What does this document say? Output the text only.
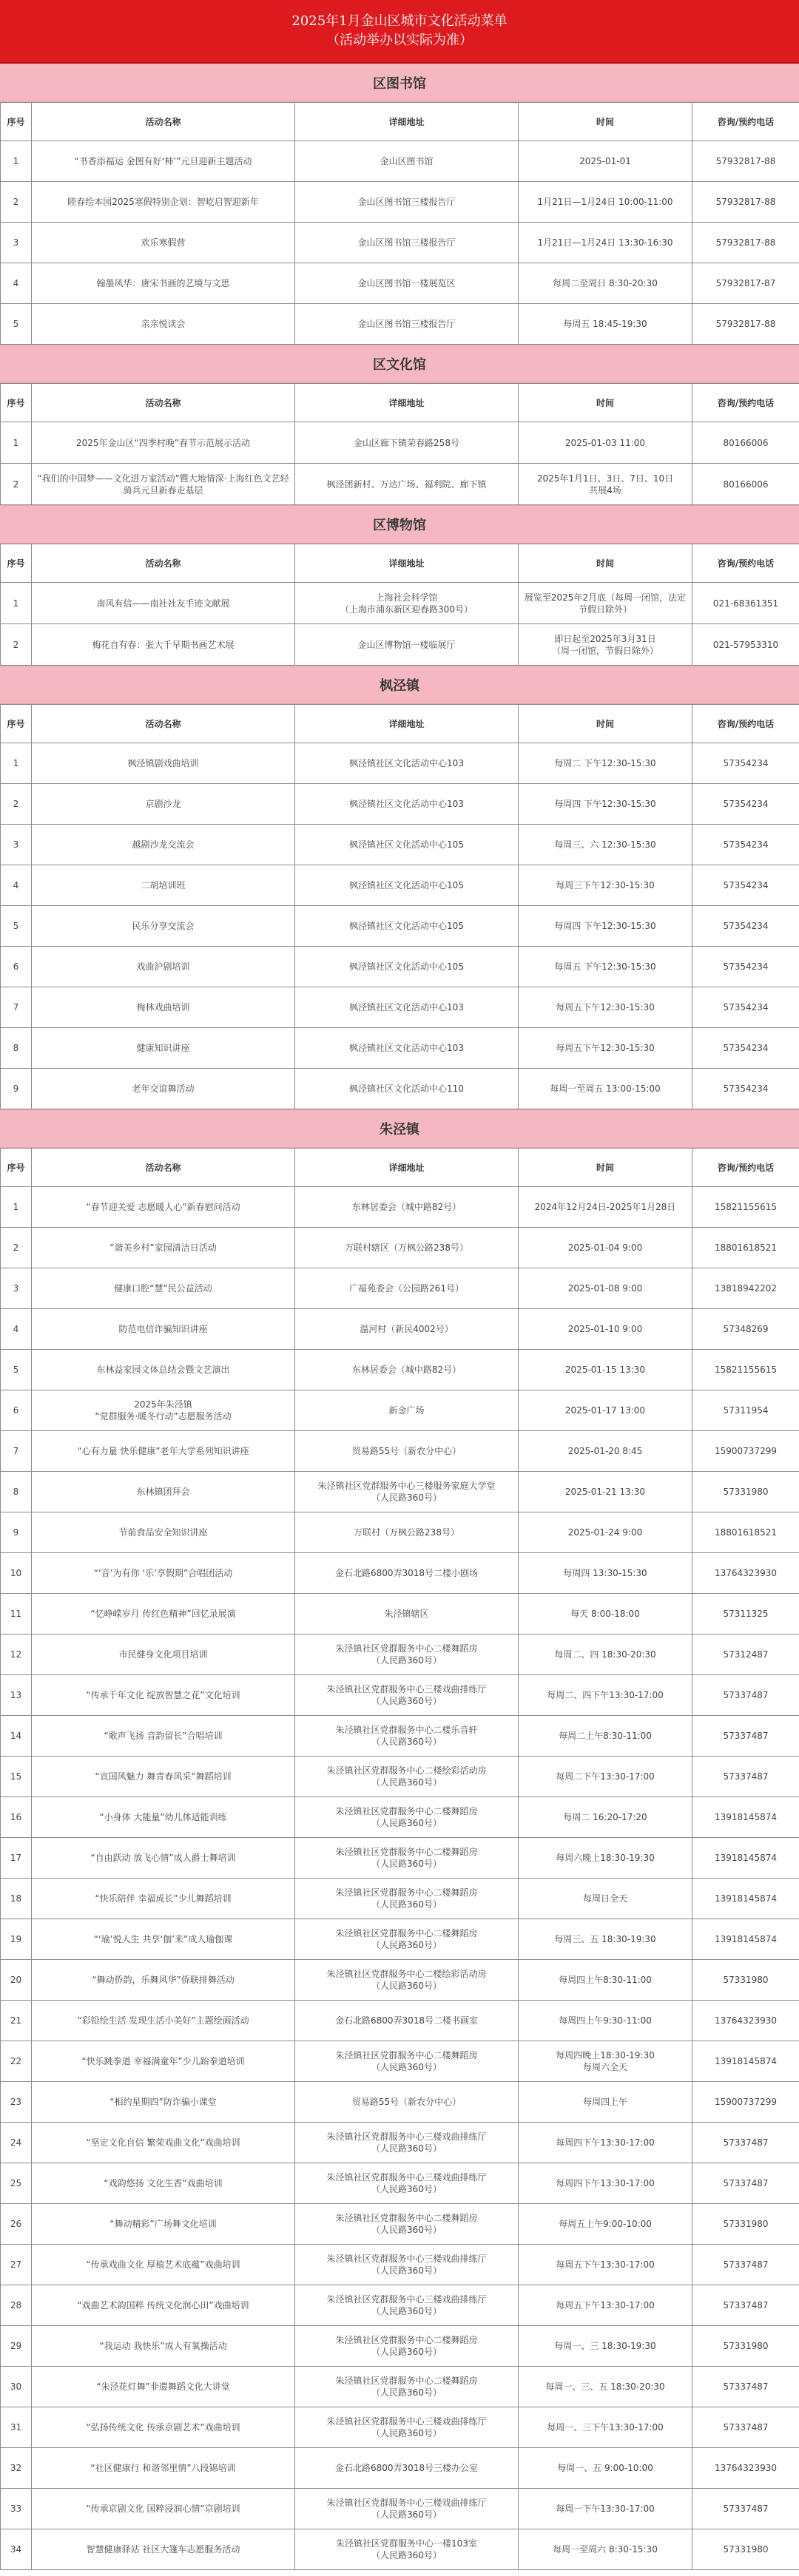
2025年1月金山区城市文化活动菜单
（活动举办以实际为准）
区图书馆
序号	活动名称	详细地址	时间	咨询/预约电话
1	“书香添福运 金图有好‘柿’”元旦迎新主题活动	金山区图书馆	2025-01-01	57932817-88
2	睦春绘本园2025寒假特别企划：智屹启智迎新年	金山区图书馆三楼报告厅	1月21日—1月24日 10:00-11:00	57932817-88
3	欢乐寒假营	金山区图书馆三楼报告厅	1月21日—1月24日 13:30-16:30	57932817-88
4	翰墨风华：唐宋书画的艺境与文思	金山区图书馆一楼展览区	每周二至周日 8:30-20:30	57932817-87
5	亲亲悦读会	金山区图书馆三楼报告厅	每周五 18:45-19:30	57932817-88
区文化馆
序号	活动名称	详细地址	时间	咨询/预约电话
1	2025年金山区“四季村晚”春节示范展示活动	金山区廊下镇荣春路258号	2025-01-03 11:00	80166006
2	“我们的中国梦——文化进万家活动”暨大地情深·上海红色文艺轻骑兵元旦新春走基层	枫泾团新村、万达广场、福利院、廊下镇	2025年1月1日、3日、7日、10日
共展4场	80166006
区博物馆
序号	活动名称	详细地址	时间	咨询/预约电话
1	南风有信——南社社友手迹文献展	上海社会科学馆
（上海市浦东新区迎春路300号）	展览至2025年2月底（每周一闭馆，法定节假日除外）	021-68361351
2	梅花自有春：张大千早期书画艺术展	金山区博物馆一楼临展厅	即日起至2025年3月31日
（周一闭馆，节假日除外）	021-57953310
枫泾镇
序号	活动名称	详细地址	时间	咨询/预约电话
1	枫泾镇剧戏曲培训	枫泾镇社区文化活动中心103	每周二 下午12:30-15:30	57354234
2	京剧沙龙	枫泾镇社区文化活动中心103	每周四 下午12:30-15:30	57354234
3	越剧沙龙交流会	枫泾镇社区文化活动中心105	每周三、六 12:30-15:30	57354234
4	二胡培训班	枫泾镇社区文化活动中心105	每周三下午12:30-15:30	57354234
5	民乐分享交流会	枫泾镇社区文化活动中心105	每周四 下午12:30-15:30	57354234
6	戏曲沪剧培训	枫泾镇社区文化活动中心105	每周五 下午12:30-15:30	57354234
7	梅林戏曲培训	枫泾镇社区文化活动中心103	每周五下午12:30-15:30	57354234
8	健康知识讲座	枫泾镇社区文化活动中心103	每周五下午12:30-15:30	57354234
9	老年交谊舞活动	枫泾镇社区文化活动中心110	每周一至周五 13:00-15:00	57354234
朱泾镇
序号	活动名称	详细地址	时间	咨询/预约电话
1	“春节迎关爱 志愿暖人心”新春慰问活动	东林居委会（城中路82号）	2024年12月24日-2025年1月28日	15821155615
2	“谐美乡村”家园清洁日活动	万联村辖区（万枫公路238号）	2025-01-04 9:00	18801618521
3	健康口腔“慧”民公益活动	广福苑委会（公园路261号）	2025-01-08 9:00	13818942202
4	防范电信诈骗知识讲座	温河村（新民4002号）	2025-01-10 9:00	57348269
5	东林益家园文体总结会暨文艺演出	东林居委会（城中路82号）	2025-01-15 13:30	15821155615
6	2025年朱泾镇
“党群服务·暖冬行动”志愿服务活动	新金广场	2025-01-17 13:00	57311954
7	“心有力量 快乐健康”老年大学系列知识讲座	贸易路55号（新农分中心）	2025-01-20 8:45	15900737299
8	东林镇团拜会	朱泾镇社区党群服务中心三楼服务家庭大学堂
（人民路360号）	2025-01-21 13:30	57331980
9	节前食品安全知识讲座	万联村（万枫公路238号）	2025-01-24 9:00	18801618521
10	“‘音’为有你 ‘乐’享假期”合唱团活动	金石北路6800弄3018号二楼小剧场	每周四 13:30-15:30	13764323930
11	“忆峥嵘岁月 传红色精神”回忆录展演	朱泾镇辖区	每天 8:00-18:00	57311325
12	市民健身文化项目培训	朱泾镇社区党群服务中心二楼舞蹈房
（人民路360号）	每周二、四 18:30-20:30	57312487
13	“传承千年文化 绽放智慧之花”文化培训	朱泾镇社区党群服务中心三楼戏曲排练厅
（人民路360号）	每周二、四下午13:30-17:00	57337487
14	“歌声飞扬 音韵留长”合唱培训	朱泾镇社区党群服务中心二楼乐音轩
（人民路360号）	每周二上午8:30-11:00	57337487
15	“宣国风魅力 舞青春风采”舞蹈培训	朱泾镇社区党群服务中心二楼绘彩活动房
（人民路360号）	每周二下午13:30-17:00	57337487
16	“小身体 大能量”幼儿体适能训练	朱泾镇社区党群服务中心二楼舞蹈房
（人民路360号）	每周二 16:20-17:20	13918145874
17	“自由跃动 放飞心情”成人爵士舞培训	朱泾镇社区党群服务中心二楼舞蹈房
（人民路360号）	每周六晚上18:30-19:30	13918145874
18	“快乐陪伴 幸福成长”少儿舞蹈培训	朱泾镇社区党群服务中心二楼舞蹈房
（人民路360号）	每周日全天	13918145874
19	“‘瑜’悦人生 共享‘伽’来”成人瑜伽课	朱泾镇社区党群服务中心二楼舞蹈房
（人民路360号）	每周三、五 18:30-19:30	13918145874
20	“舞动侨韵，乐舞风华”侨联排舞活动	朱泾镇社区党群服务中心二楼绘彩活动房
（人民路360号）	每周四上午8:30-11:00	57331980
21	“彩铅绘生活 发现生活小美好”主题绘画活动	金石北路6800弄3018号二楼书画室	每周四上午9:30-11:00	13764323930
22	“快乐跳拳道 幸福满童年”少儿跆拳道培训	朱泾镇社区党群服务中心二楼舞蹈房
（人民路360号）	每周四晚上18:30-19:30
每周六全天	13918145874
23	“相约星期四”防诈骗小课堂	贸易路55号（新农分中心）	每周四上午	15900737299
24	“坚定文化自信 繁荣戏曲文化”戏曲培训	朱泾镇社区党群服务中心三楼戏曲排练厅
（人民路360号）	每周四下午13:30-17:00	57337487
25	“戏韵悠扬 文化生香”戏曲培训	朱泾镇社区党群服务中心三楼戏曲排练厅
（人民路360号）	每周四下午13:30-17:00	57337487
26	“舞动精彩”广场舞文化培训	朱泾镇社区党群服务中心二楼舞蹈房
（人民路360号）	每周五上午9:00-10:00	57331980
27	“传承戏曲文化 厚植艺术底蕴”戏曲培训	朱泾镇社区党群服务中心三楼戏曲排练厅
（人民路360号）	每周五下午13:30-17:00	57337487
28	“戏曲艺术韵国粹 传统文化润心田”戏曲培训	朱泾镇社区党群服务中心三楼戏曲排练厅
（人民路360号）	每周五下午13:30-17:00	57337487
29	“我运动 我快乐”成人有氧操活动	朱泾镇社区党群服务中心二楼舞蹈房
（人民路360号）	每周一、三 18:30-19:30	57331980
30	“朱泾花灯舞”非遗舞蹈文化大讲堂	朱泾镇社区党群服务中心二楼舞蹈房
（人民路360号）	每周一、三、五 18:30-20:30	57337487
31	“弘扬传统文化 传承京剧艺术”戏曲培训	朱泾镇社区党群服务中心三楼戏曲排练厅
（人民路360号）	每周一、三下午13:30-17:00	57337487
32	“社区健康行 和谐邻里情”八段锦培训	金石北路6800弄3018号三楼办公室	每周一、五 9:00-10:00	13764323930
33	“传承京剧文化 国粹浸润心情”京剧培训	朱泾镇社区党群服务中心三楼戏曲排练厅
（人民路360号）	每周一下午13:30-17:00	57337487
34	智慧健康驿站 社区大篷车志愿服务活动	朱泾镇社区党群服务中心一楼103室
（人民路360号）	每周一至周六 8:30-15:30	57331980
